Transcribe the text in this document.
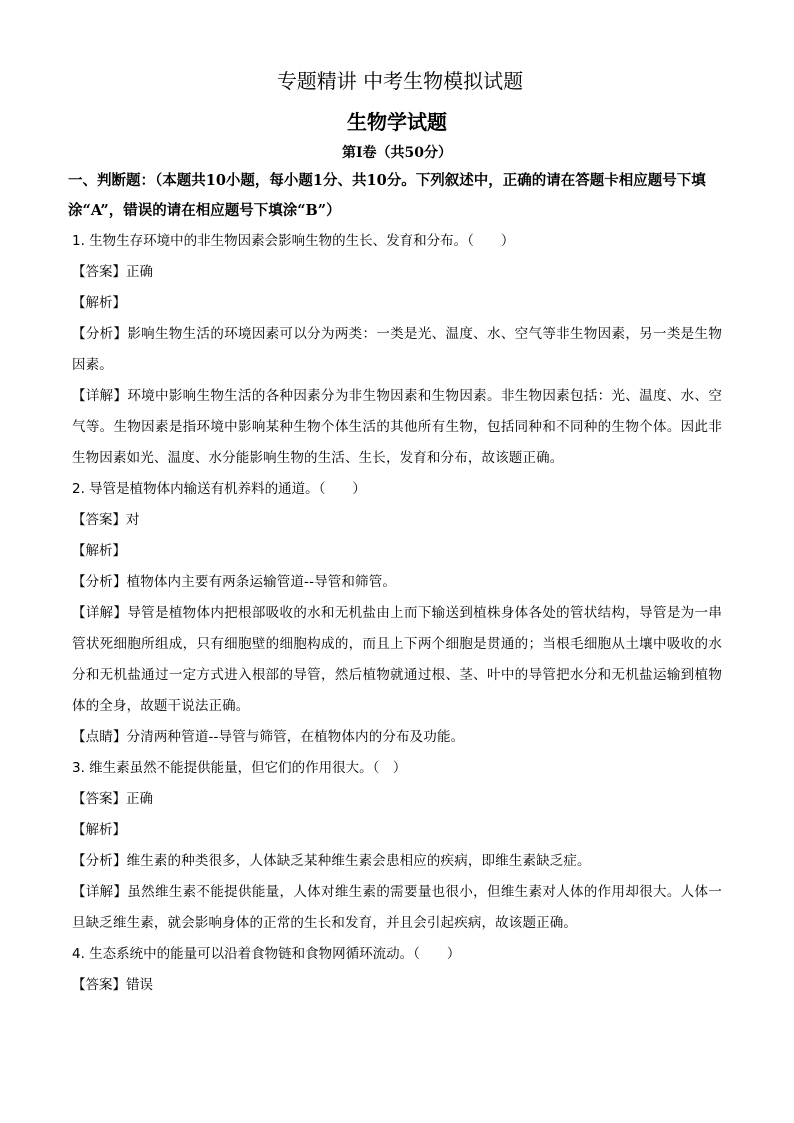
专题精讲 中考生物模拟试题
生物学试题
第Ⅰ卷（共50分）
一、判断题：（本题共10小题，每小题1分、共10分。下列叙述中，正确的请在答题卡相应题号下填涂“A”，错误的请在相应题号下填涂“B”）
1. 生物生存环境中的非生物因素会影响生物的生长、发育和分布。（　　）
【答案】正确
【解析】
【分析】影响生物生活的环境因素可以分为两类：一类是光、温度、水、空气等非生物因素，另一类是生物因素。
【详解】环境中影响生物生活的各种因素分为非生物因素和生物因素。非生物因素包括：光、温度、水、空气等。生物因素是指环境中影响某种生物个体生活的其他所有生物，包括同种和不同种的生物个体。因此非生物因素如光、温度、水分能影响生物的生活、生长，发育和分布，故该题正确。
2. 导管是植物体内输送有机养料的通道。（　　）
【答案】对
【解析】
【分析】植物体内主要有两条运输管道--导管和筛管。
【详解】导管是植物体内把根部吸收的水和无机盐由上而下输送到植株身体各处的管状结构，导管是为一串管状死细胞所组成，只有细胞壁的细胞构成的，而且上下两个细胞是贯通的；当根毛细胞从土壤中吸收的水分和无机盐通过一定方式进入根部的导管，然后植物就通过根、茎、叶中的导管把水分和无机盐运输到植物体的全身，故题干说法正确。
【点睛】分清两种管道--导管与筛管，在植物体内的分布及功能。
3. 维生素虽然不能提供能量，但它们的作用很大。（　）
【答案】正确
【解析】
【分析】维生素的种类很多，人体缺乏某种维生素会患相应的疾病，即维生素缺乏症。
【详解】虽然维生素不能提供能量，人体对维生素的需要量也很小，但维生素对人体的作用却很大。人体一旦缺乏维生素，就会影响身体的正常的生长和发育，并且会引起疾病，故该题正确。
4. 生态系统中的能量可以沿着食物链和食物网循环流动。（　　）
【答案】错误
